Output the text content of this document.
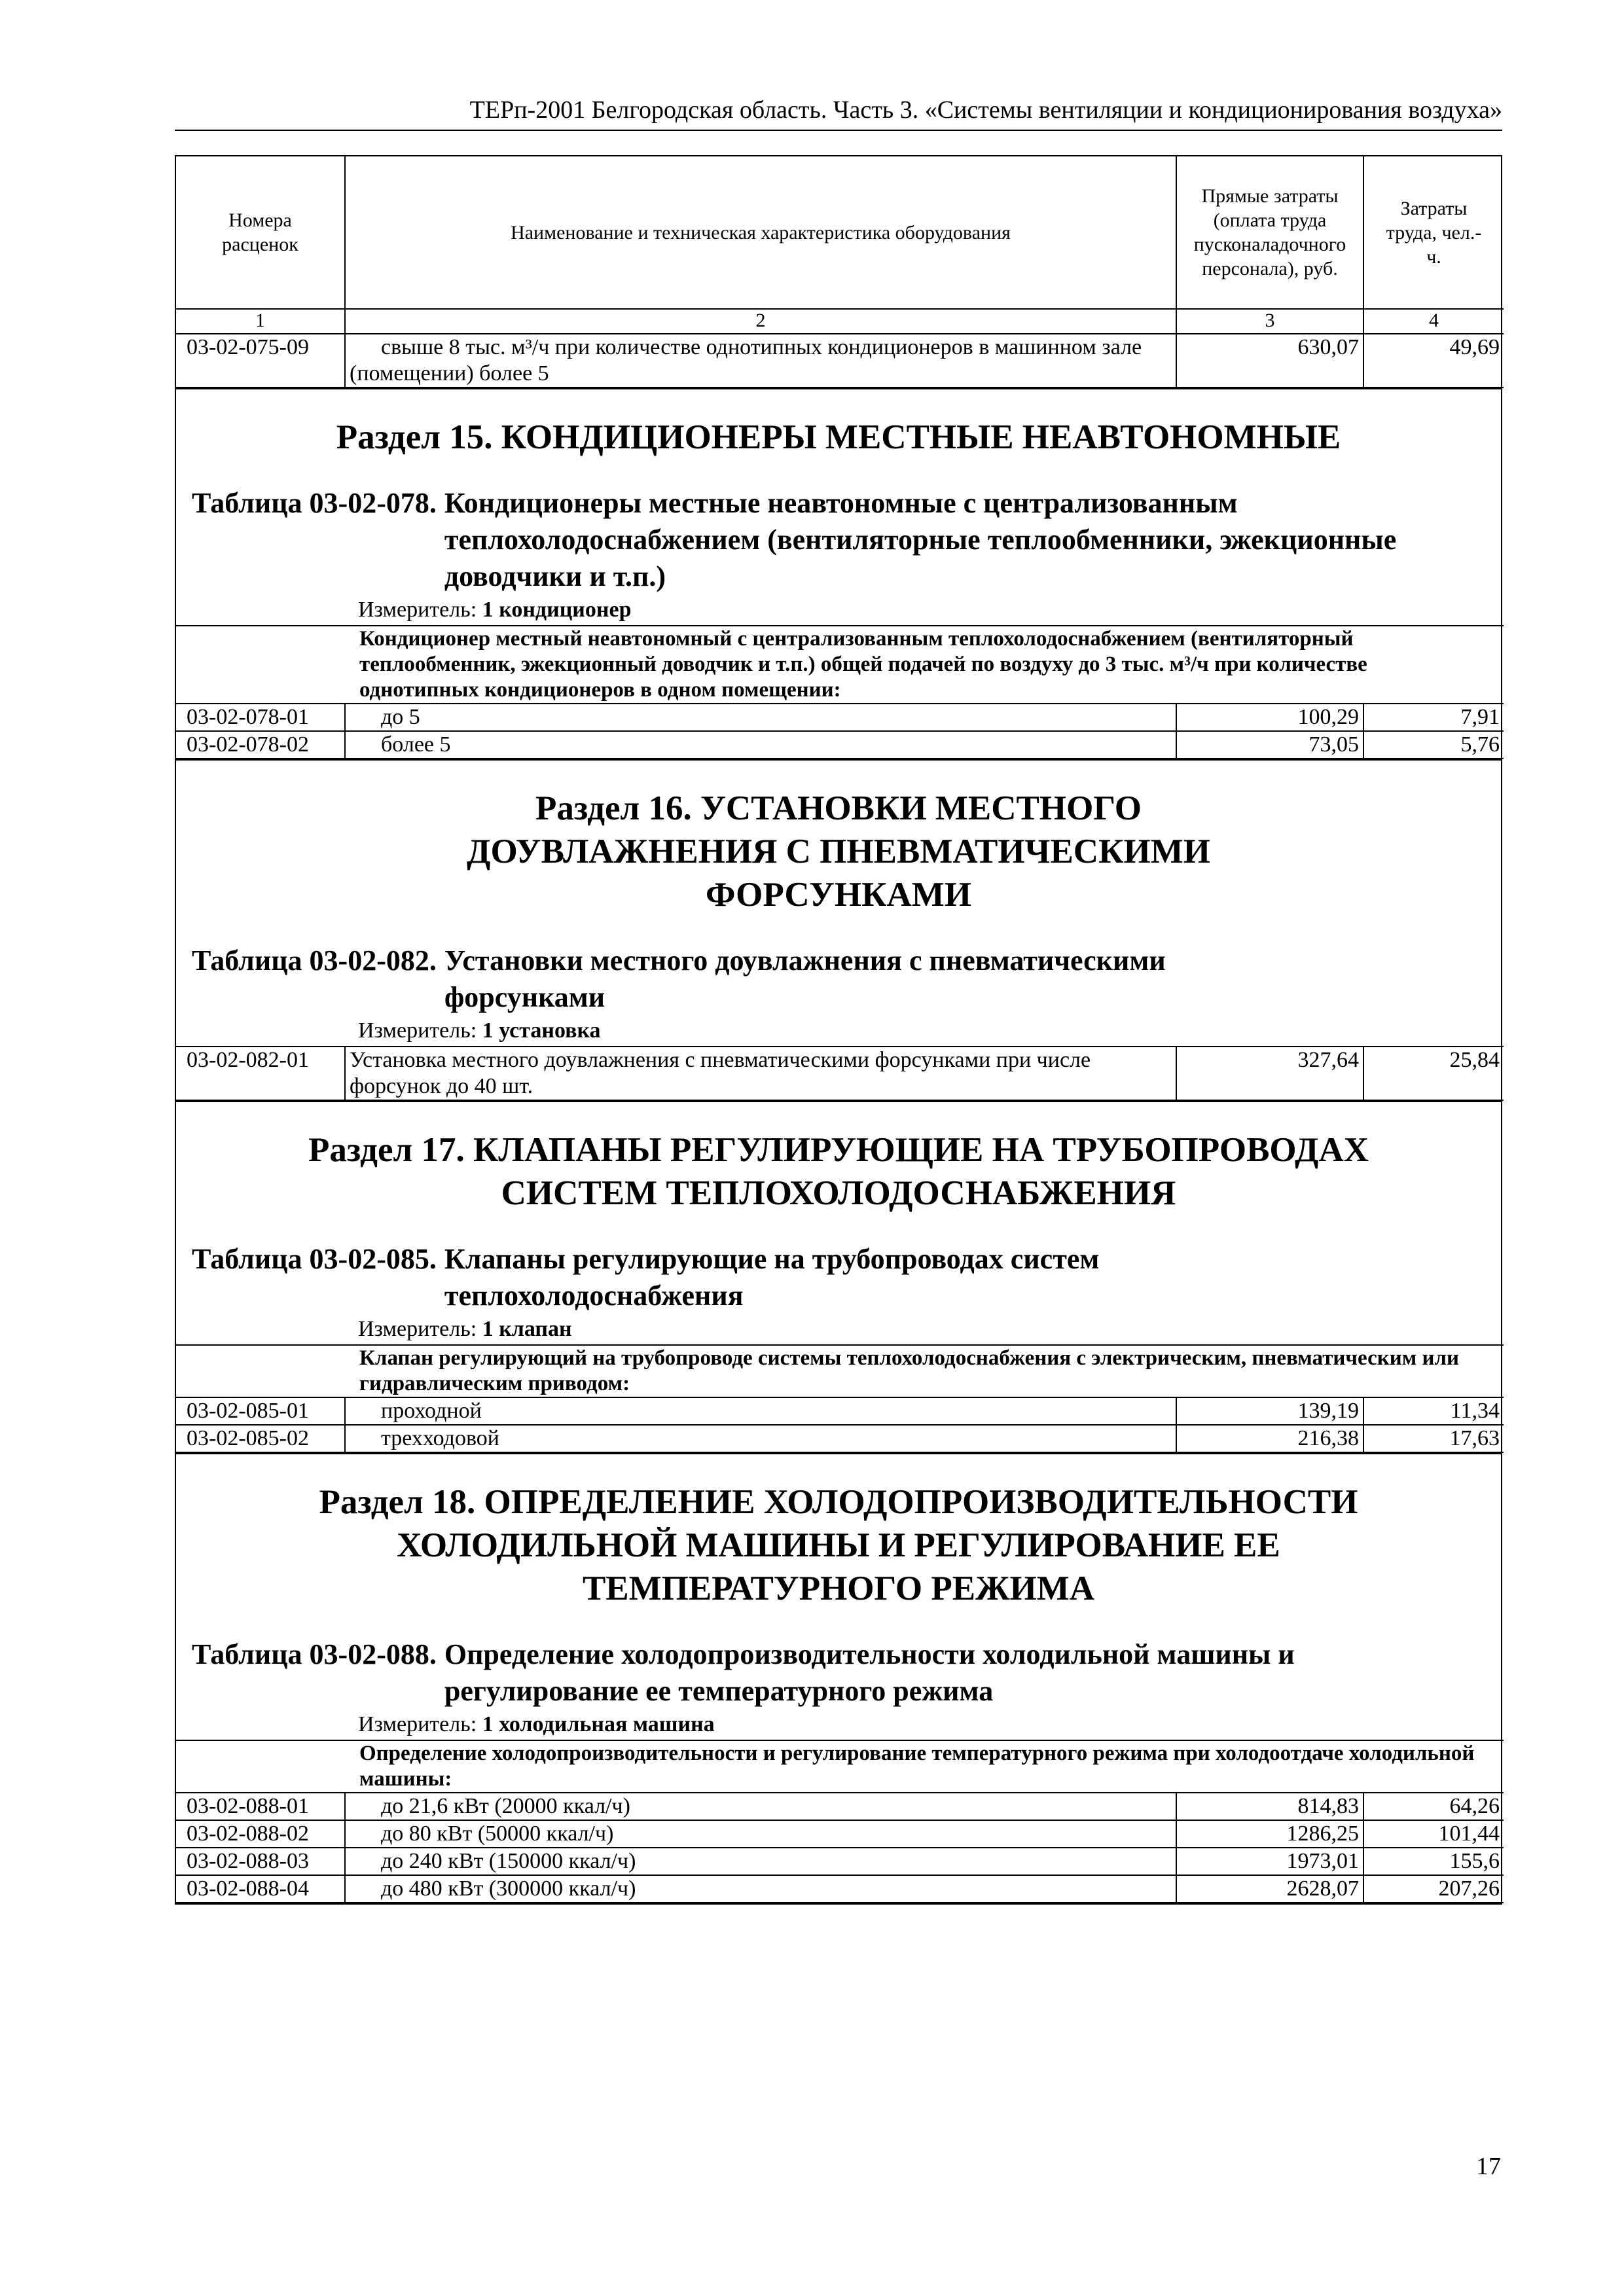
ТЕРп-2001 Белгородская область. Часть 3. «Системы вентиляции и кондиционирования воздуха»
Номера расценок	Наименование и техническая характеристика оборудования	Прямые затраты (оплата труда пусконаладочного персонала), руб.	Затраты труда, чел.-ч.
1	2	3	4
03-02-075-09	свыше 8 тыс. м³/ч при количестве однотипных кондиционеров в машинном зале (помещении) более 5	630,07	49,69
Раздел 15. КОНДИЦИОНЕРЫ МЕСТНЫЕ НЕАВТОНОМНЫЕ
Таблица 03-02-078. Кондиционеры местные неавтономные с централизованным теплохолодоснабжением (вентиляторные теплообменники, эжекционные доводчики и т.п.)
Измеритель: 1 кондиционер
Кондиционер местный неавтономный с централизованным теплохолодоснабжением (вентиляторный теплообменник, эжекционный доводчик и т.п.) общей подачей по воздуху до 3 тыс. м³/ч при количестве однотипных кондиционеров в одном помещении:			
03-02-078-01	до 5	100,29	7,91
03-02-078-02	более 5	73,05	5,76
Раздел 16. УСТАНОВКИ МЕСТНОГО ДОУВЛАЖНЕНИЯ С ПНЕВМАТИЧЕСКИМИ ФОРСУНКАМИ
Таблица 03-02-082. Установки местного доувлажнения с пневматическими форсунками
Измеритель: 1 установка
03-02-082-01	Установка местного доувлажнения с пневматическими форсунками при числе форсунок до 40 шт.	327,64	25,84
Раздел 17. КЛАПАНЫ РЕГУЛИРУЮЩИЕ НА ТРУБОПРОВОДАХ СИСТЕМ ТЕПЛОХОЛОДОСНАБЖЕНИЯ
Таблица 03-02-085. Клапаны регулирующие на трубопроводах систем теплохолодоснабжения
Измеритель: 1 клапан
Клапан регулирующий на трубопроводе системы теплохолодоснабжения с электрическим, пневматическим или гидравлическим приводом:			
03-02-085-01	проходной	139,19	11,34
03-02-085-02	трехходовой	216,38	17,63
Раздел 18. ОПРЕДЕЛЕНИЕ ХОЛОДОПРОИЗВОДИТЕЛЬНОСТИ ХОЛОДИЛЬНОЙ МАШИНЫ И РЕГУЛИРОВАНИЕ ЕЕ ТЕМПЕРАТУРНОГО РЕЖИМА
Таблица 03-02-088. Определение холодопроизводительности холодильной машины и регулирование ее температурного режима
Измеритель: 1 холодильная машина
Определение холодопроизводительности и регулирование температурного режима при холодоотдаче холодильной машины:			
03-02-088-01	до 21,6 кВт (20000 ккал/ч)	814,83	64,26
03-02-088-02	до 80 кВт (50000 ккал/ч)	1286,25	101,44
03-02-088-03	до 240 кВт (150000 ккал/ч)	1973,01	155,6
03-02-088-04	до 480 кВт (300000 ккал/ч)	2628,07	207,26
17
